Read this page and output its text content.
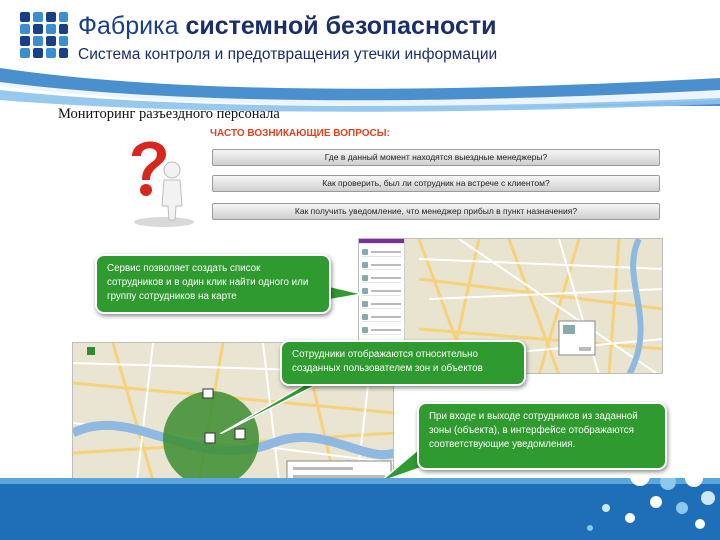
Фабрика системной безопасности
Система контроля и предотвращения утечки информации
Мониторинг разъездного персонала
ЧАСТО ВОЗНИКАЮЩИЕ ВОПРОСЫ:
Где в данный момент находятся выездные менеджеры?
Как проверить, был ли сотрудник на встрече с клиентом?
Как получить уведомление, что менеджер прибыл в пункт назначения?
Сервис позволяет создать список сотрудников и в один клик найти одного или группу сотрудников на карте
Сотрудники отображаются относительно созданных пользователем зон и объектов
При входе и выходе сотрудников из заданной зоны (объекта), в интерфейсе отображаются соответствующие уведомления.
